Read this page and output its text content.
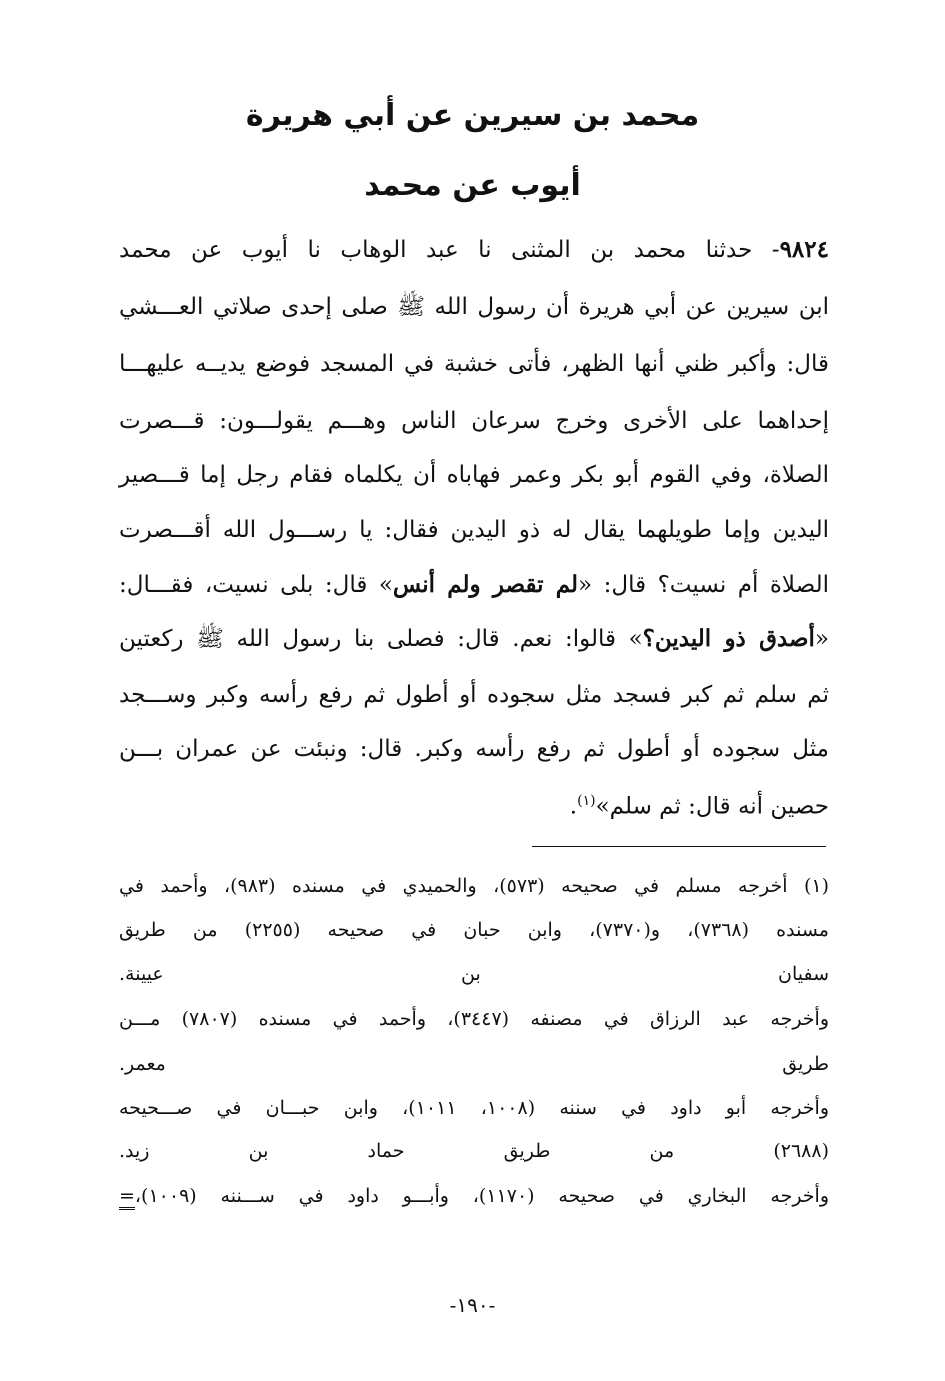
محمد بن سيرين عن أبي هريرة
أيوب عن محمد
٩٨٢٤- حدثنا محمد بن المثنى نا عبد الوهاب نا أيوب عن محمد
ابن سيرين عن أبي هريرة أن رسول الله ﷺ صلى إحدى صلاتي العـــشي
قال: وأكبر ظني أنها الظهر، فأتى خشبة في المسجد فوضع يديــه عليهـــا
إحداهما على الأخرى وخرج سرعان الناس وهـــم يقولـــون: قـــصرت
الصلاة، وفي القوم أبو بكر وعمر فهاباه أن يكلماه فقام رجل إما قـــصير
اليدين وإما طويلهما يقال له ذو اليدين فقال: يا رســـول الله أقـــصرت
الصلاة أم نسيت؟ قال: «لم تقصر ولم أنس» قال: بلى نسيت، فقـــال:
«أصدق ذو اليدين؟» قالوا: نعم. قال: فصلى بنا رسول الله ﷺ ركعتين
ثم سلم ثم كبر فسجد مثل سجوده أو أطول ثم رفع رأسه وكبر وســـجد
مثل سجوده أو أطول ثم رفع رأسه وكبر. قال: ونبئت عن عمران بـــن
حصين أنه قال: ثم سلم»$^{(١)}$.
(١) أخرجه مسلم في صحيحه (٥٧٣)، والحميدي في مسنده (٩٨٣)، وأحمد في
مسنده (٧٣٦٨)، و(٧٣٧٠)، وابن حبان في صحيحه (٢٢٥٥) من طريق
سفيان بن عيينة.
وأخرجه عبد الرزاق في مصنفه (٣٤٤٧)، وأحمد في مسنده (٧٨٠٧) مـــن
طريق معمر.
وأخرجه أبو داود في سننه (١٠٠٨، ١٠١١)، وابن حبـــان في صـــحيحه
(٢٦٨٨) من طريق حماد بن زيد.
وأخرجه البخاري في صحيحه (١١٧٠)، وأبـــو داود في ســـننه (١٠٠٩)،=
-١٩٠-
